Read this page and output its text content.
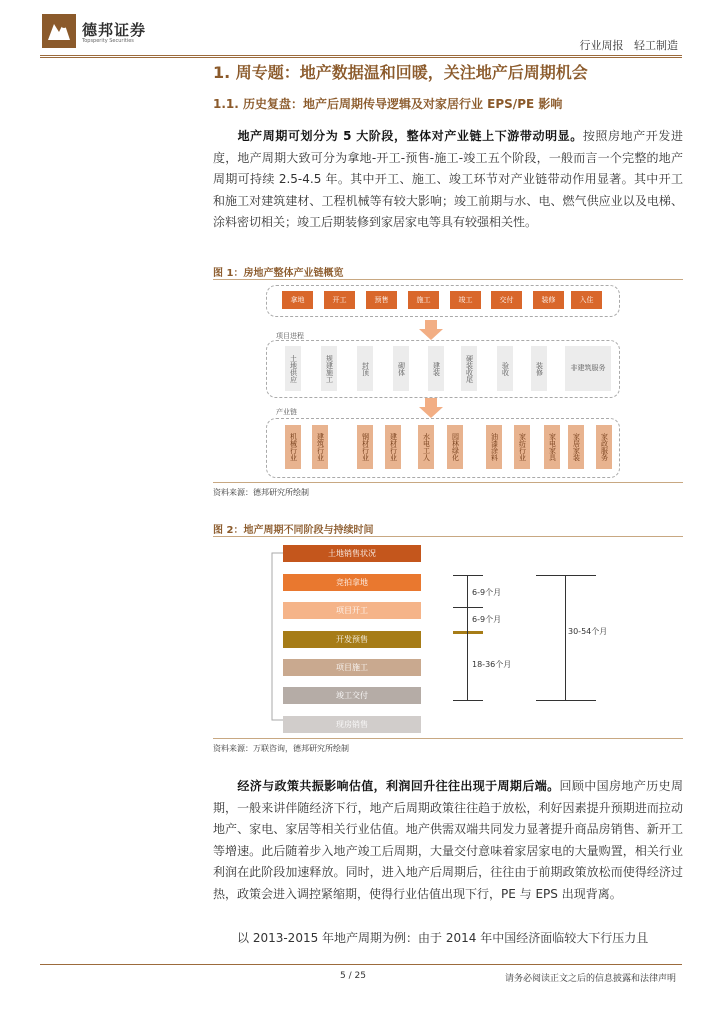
德邦证券
Topsperity Securities	行业周报   轻工制造
1. 周专题：地产数据温和回暖，关注地产后周期机会
1.1. 历史复盘：地产后周期传导逻辑及对家居行业 EPS/PE 影响
地产周期可划分为 5 大阶段，整体对产业链上下游带动明显。按照房地产开发进度，地产周期大致可分为拿地-开工-预售-施工-竣工五个阶段，一般而言一个完整的地产周期可持续 2.5-4.5 年。其中开工、施工、竣工环节对产业链带动作用显著。其中开工和施工对建筑建材、工程机械等有较大影响；竣工前期与水、电、燃气供应业以及电梯、涂料密切相关；竣工后期装修到家居家电等具有较强相关性。
图 1：房地产整体产业链概览
拿地	开工	预售	施工	竣工	交付	装修	入住
项目进程
土地供应	规建施工	封顶	砌体	建装	硬装收尾	验收	装修	非建筑服务
产业链
机械行业	建筑行业	钢材行业	建材行业	水电工人	园林绿化	油漆涂料	家纺行业	家电家具	家居家装	家政服务
资料来源：德邦研究所绘制
图 2：地产周期不同阶段与持续时间
土地销售状况
竞拍拿地
项目开工
开发预售
项目施工
竣工交付
现房销售
6-9个月
6-9个月
18-36个月
30-54个月
资料来源：万联咨询，德邦研究所绘制
经济与政策共振影响估值，利润回升往往出现于周期后端。回顾中国房地产历史周期，一般来讲伴随经济下行，地产后周期政策往往趋于放松，利好因素提升预期进而拉动地产、家电、家居等相关行业估值。地产供需双端共同发力显著提升商品房销售、新开工等增速。此后随着步入地产竣工后周期，大量交付意味着家居家电的大量购置，相关行业利润在此阶段加速释放。同时，进入地产后周期后，往往由于前期政策放松而使得经济过热，政策会进入调控紧缩期，使得行业估值出现下行，PE 与 EPS 出现背离。
以 2013-2015 年地产周期为例：由于 2014 年中国经济面临较大下行压力且
5 / 25	请务必阅读正文之后的信息披露和法律声明
